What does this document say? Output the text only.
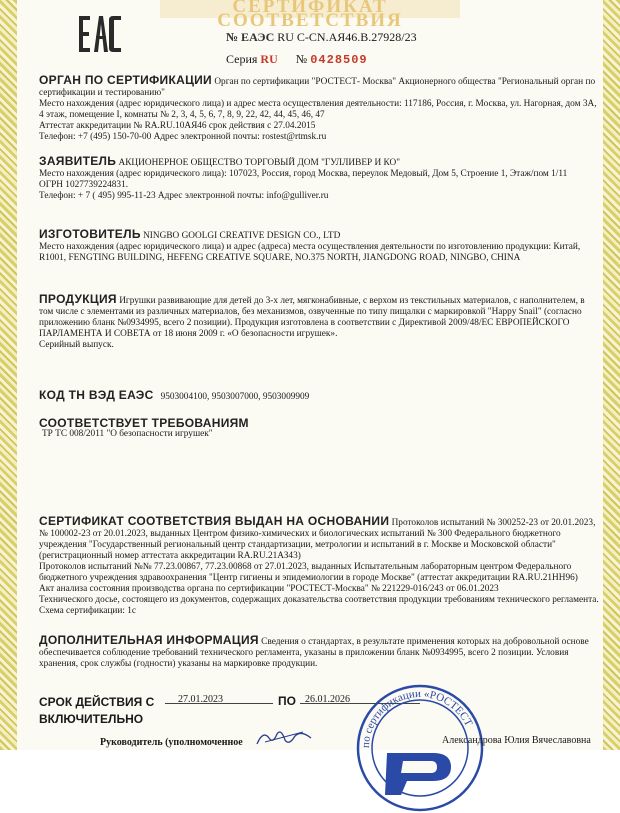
СЕРТИФИКАТ СООТВЕТСТВИЯ
№ ЕАЭС RU С-CN.АЯ46.В.27928/23
Серия RU № 0428509
ОРГАН ПО СЕРТИФИКАЦИИ Орган по сертификации "РОСТЕСТ- Москва" Акционерного общества "Региональный орган по сертификации и тестированию"
Место нахождения (адрес юридического лица) и адрес места осуществления деятельности: 117186, Россия, г. Москва, ул. Нагорная, дом 3А, 4 этаж, помещение I, комнаты № 2, 3, 4, 5, 6, 7, 8, 9, 22, 42, 44, 45, 46, 47
Аттестат аккредитации № RA.RU.10АЯ46 срок действия с 27.04.2015
Телефон: +7 (495) 150-70-00 Адрес электронной почты: rostest@rtmsk.ru
ЗАЯВИТЕЛЬ АКЦИОНЕРНОЕ ОБЩЕСТВО ТОРГОВЫЙ ДОМ "ГУЛЛИВЕР И КО"
Место нахождения (адрес юридического лица): 107023, Россия, город Москва, переулок Медовый, Дом 5, Строение 1, Этаж/пом 1/11
ОГРН 1027739224831.
Телефон: + 7 ( 495) 995-11-23 Адрес электронной почты: info@gulliver.ru
ИЗГОТОВИТЕЛЬ NINGBO GOOLGI CREATIVE DESIGN CO., LTD
Место нахождения (адрес юридического лица) и адрес (адреса) места осуществления деятельности по изготовлению продукции: Китай, R1001, FENGTING BUILDING, HEFENG CREATIVE SQUARE, NO.375 NORTH, JIANGDONG ROAD, NINGBO, CHINA
ПРОДУКЦИЯ Игрушки развивающие для детей до 3-х лет, мягконабивные, с верхом из текстильных материалов, с наполнителем, в том числе с элементами из различных материалов, без механизмов, озвученные по типу пищалки с маркировкой "Happy Snail" (согласно приложению бланк №0934995, всего 2 позиции). Продукция изготовлена в соответствии с Директивой 2009/48/ЕС ЕВРОПЕЙСКОГО ПАРЛАМЕНТА И СОВЕТА от 18 июня 2009 г. «О безопасности игрушек».
Серийный выпуск.
КОД ТН ВЭД ЕАЭС 9503004100, 9503007000, 9503009909
СООТВЕТСТВУЕТ ТРЕБОВАНИЯМ
ТР ТС 008/2011 "О безопасности игрушек"
СЕРТИФИКАТ СООТВЕТСТВИЯ ВЫДАН НА ОСНОВАНИИ Протоколов испытаний № 300252-23 от 20.01.2023, № 100002-23 от 20.01.2023, выданных Центром физико-химических и биологических испытаний № 300 Федерального бюджетного учреждения "Государственный региональный центр стандартизации, метрологии и испытаний в г. Москве и Московской области" (регистрационный номер аттестата аккредитации RA.RU.21АЗ43)
Протоколов испытаний №№ 77.23.00867, 77.23.00868 от 27.01.2023, выданных Испытательным лабораторным центром Федерального бюджетного учреждения здравоохранения "Центр гигиены и эпидемиологии в городе Москве" (аттестат аккредитации RA.RU.21НН96)
Акт анализа состояния производства органа по сертификации "РОСТЕСТ-Москва" № 221229-016/243 от 06.01.2023
Технического досье, состоящего из документов, содержащих доказательства соответствия продукции требованиям технического регламента.
Схема сертификации: 1с
ДОПОЛНИТЕЛЬНАЯ ИНФОРМАЦИЯ Сведения о стандартах, в результате применения которых на добровольной основе обеспечивается соблюдение требований технического регламента, указаны в приложении бланк №0934995, всего 2 позиции. Условия хранения, срок службы (годности) указаны на маркировке продукции.
СРОК ДЕЙСТВИЯ С
ВКЛЮЧИТЕЛЬНО
27.01.2023	ПО 26.01.2026
по сертификации «РОСТЕСТ
Руководитель (уполномоченное	Александрова Юлия Вячеславовна
